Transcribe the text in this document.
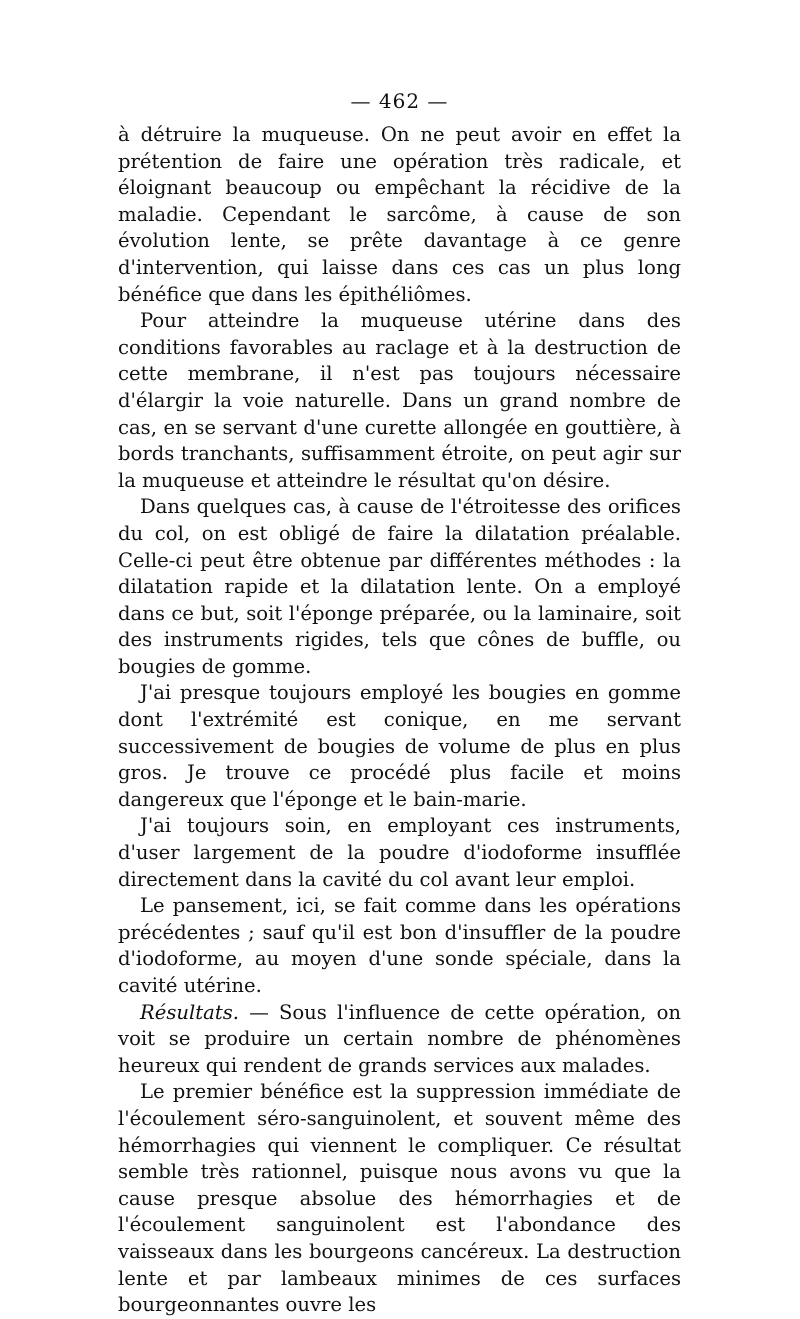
— 462 —

à détruire la muqueuse. On ne peut avoir en effet la prétention de faire une opération très radicale, et éloignant beaucoup ou empêchant la récidive de la maladie. Cependant le sarcôme, à cause de son évolution lente, se prête davantage à ce genre d'intervention, qui laisse dans ces cas un plus long bénéfice que dans les épithéliômes.

Pour atteindre la muqueuse utérine dans des conditions favorables au raclage et à la destruction de cette membrane, il n'est pas toujours nécessaire d'élargir la voie naturelle. Dans un grand nombre de cas, en se servant d'une curette allongée en gouttière, à bords tranchants, suffisamment étroite, on peut agir sur la muqueuse et atteindre le résultat qu'on désire.

Dans quelques cas, à cause de l'étroitesse des orifices du col, on est obligé de faire la dilatation préalable. Celle-ci peut être obtenue par différentes méthodes : la dilatation rapide et la dilatation lente. On a employé dans ce but, soit l'éponge préparée, ou la laminaire, soit des instruments rigides, tels que cônes de buffle, ou bougies de gomme.

J'ai presque toujours employé les bougies en gomme dont l'extrémité est conique, en me servant successivement de bougies de volume de plus en plus gros. Je trouve ce procédé plus facile et moins dangereux que l'éponge et le bain-marie.

J'ai toujours soin, en employant ces instruments, d'user largement de la poudre d'iodoforme insufflée directement dans la cavité du col avant leur emploi.

Le pansement, ici, se fait comme dans les opérations précédentes ; sauf qu'il est bon d'insuffler de la poudre d'iodoforme, au moyen d'une sonde spéciale, dans la cavité utérine.

Résultats. — Sous l'influence de cette opération, on voit se produire un certain nombre de phénomènes heureux qui rendent de grands services aux malades.

Le premier bénéfice est la suppression immédiate de l'écoulement séro-sanguinolent, et souvent même des hémorrhagies qui viennent le compliquer. Ce résultat semble très rationnel, puisque nous avons vu que la cause presque absolue des hémorrhagies et de l'écoulement sanguinolent est l'abondance des vaisseaux dans les bourgeons cancéreux. La destruction lente et par lambeaux minimes de ces surfaces bourgeonnantes ouvre les
